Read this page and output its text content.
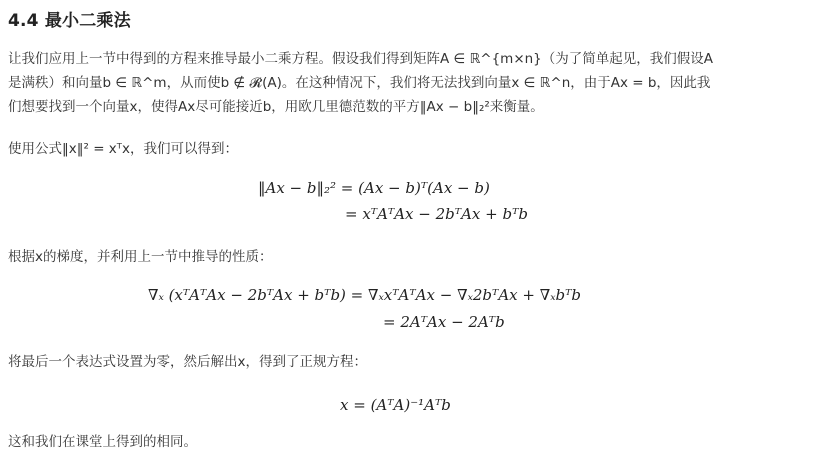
4.4 最小二乘法
让我们应用上一节中得到的方程来推导最小二乘方程。假设我们得到矩阵A ∈ ℝ^{m×n}（为了简单起见，我们假设A
是满秩）和向量b ∈ ℝ^m，从而使b ∉ 𝓡(A)。在这种情况下，我们将无法找到向量x ∈ ℝ^n，由于Ax = b，因此我
们想要找到一个向量x，使得Ax尽可能接近b，用欧几里德范数的平方‖Ax − b‖₂²来衡量。
使用公式‖x‖² = xᵀx，我们可以得到：
‖Ax − b‖₂² = (Ax − b)ᵀ(Ax − b)
= xᵀAᵀAx − 2bᵀAx + bᵀb
根据x的梯度，并利用上一节中推导的性质：
∇ₓ (xᵀAᵀAx − 2bᵀAx + bᵀb) = ∇ₓxᵀAᵀAx − ∇ₓ2bᵀAx + ∇ₓbᵀb
= 2AᵀAx − 2Aᵀb
将最后一个表达式设置为零，然后解出x，得到了正规方程：
x = (AᵀA)⁻¹Aᵀb
这和我们在课堂上得到的相同。
